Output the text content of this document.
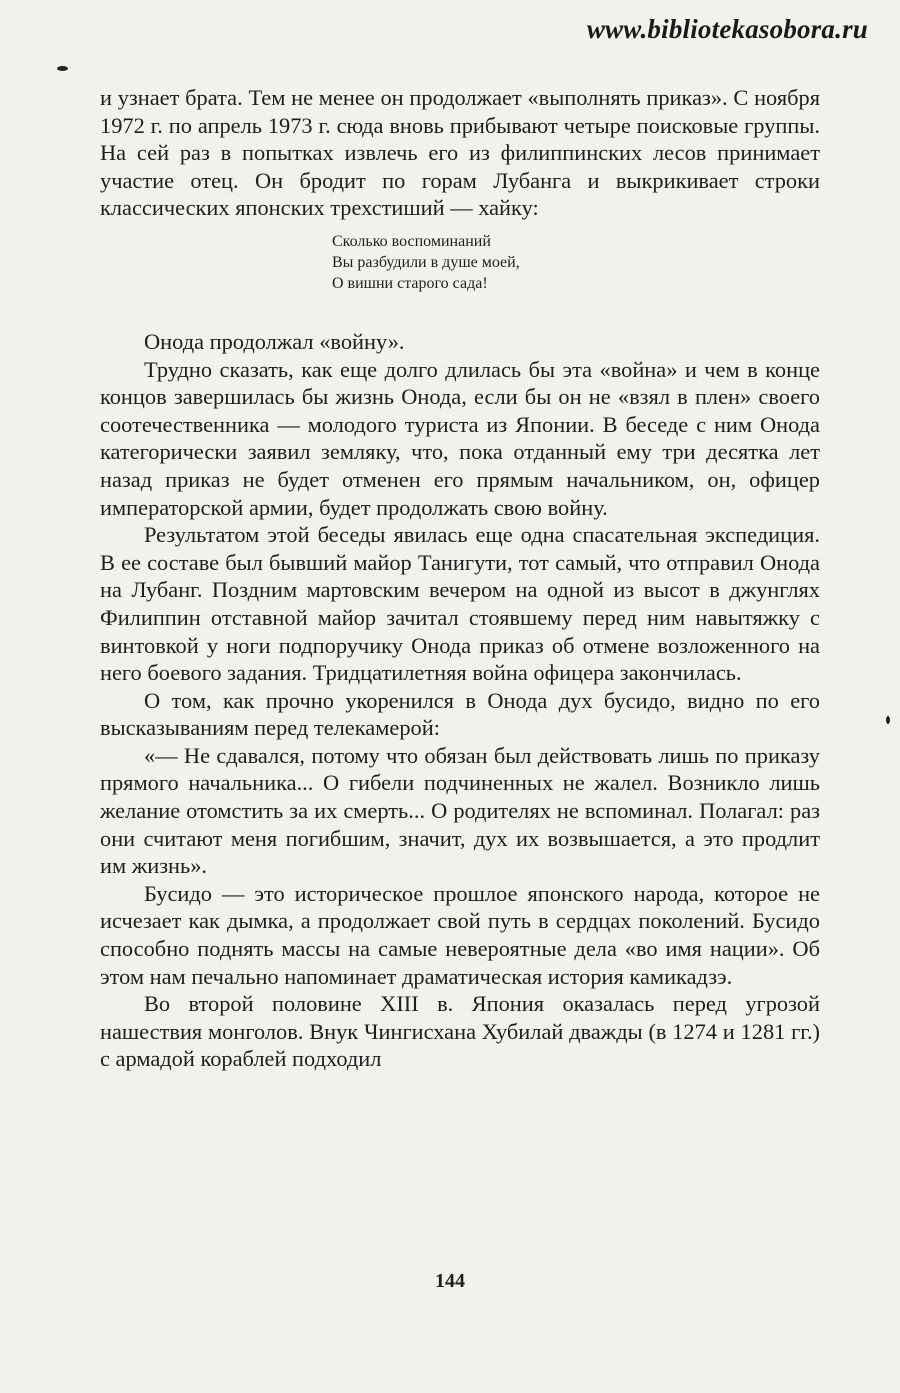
www.bibliotekasobora.ru

и узнает брата. Тем не менее он продолжает «выполнять приказ». С ноября 1972 г. по апрель 1973 г. сюда вновь прибывают четыре поисковые группы. На сей раз в попытках извлечь его из филиппинских лесов принимает участие отец. Он бродит по горам Лубанга и выкрикивает строки классических японских трехстиший — хайку:

Сколько воспоминаний
Вы разбудили в душе моей,
О вишни старого сада!

Онода продолжал «войну».

Трудно сказать, как еще долго длилась бы эта «война» и чем в конце концов завершилась бы жизнь Онода, если бы он не «взял в плен» своего соотечественника — молодого туриста из Японии. В беседе с ним Онода категорически заявил земляку, что, пока отданный ему три десятка лет назад приказ не будет отменен его прямым начальником, он, офицер императорской армии, будет продолжать свою войну.

Результатом этой беседы явилась еще одна спасательная экспедиция. В ее составе был бывший майор Танигути, тот самый, что отправил Онода на Лубанг. Поздним мартовским вечером на одной из высот в джунглях Филиппин отставной майор зачитал стоявшему перед ним навытяжку с винтовкой у ноги подпоручику Онода приказ об отмене возложенного на него боевого задания. Тридцатилетняя война офицера закончилась.

О том, как прочно укоренился в Онода дух бусидо, видно по его высказываниям перед телекамерой:

«— Не сдавался, потому что обязан был действовать лишь по приказу прямого начальника... О гибели подчиненных не жалел. Возникло лишь желание отомстить за их смерть... О родителях не вспоминал. Полагал: раз они считают меня погибшим, значит, дух их возвышается, а это продлит им жизнь».

Бусидо — это историческое прошлое японского народа, которое не исчезает как дымка, а продолжает свой путь в сердцах поколений. Бусидо способно поднять массы на самые невероятные дела «во имя нации». Об этом нам печально напоминает драматическая история камикадзэ.

Во второй половине XIII в. Япония оказалась перед угрозой нашествия монголов. Внук Чингисхана Хубилай дважды (в 1274 и 1281 гг.) с армадой кораблей подходил

144
